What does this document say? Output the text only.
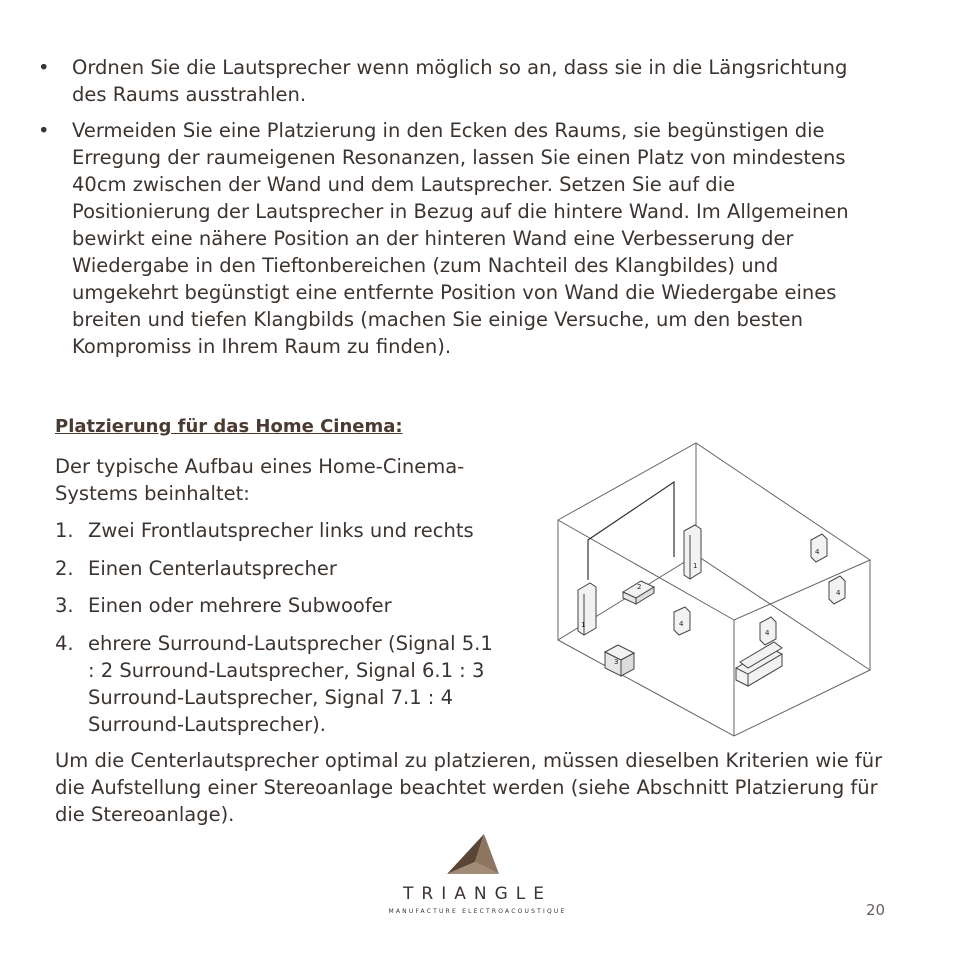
• Ordnen Sie die Lautsprecher wenn möglich so an, dass sie in die Längsrichtung des Raums ausstrahlen.
• Vermeiden Sie eine Platzierung in den Ecken des Raums, sie begünstigen die Erregung der raumeigenen Resonanzen, lassen Sie einen Platz von mindestens 40cm zwischen der Wand und dem Lautsprecher. Setzen Sie auf die Positionierung der Lautsprecher in Bezug auf die hintere Wand. Im Allgemeinen bewirkt eine nähere Position an der hinteren Wand eine Verbesserung der Wiedergabe in den Tieftonbereichen (zum Nachteil des Klangbildes) und umgekehrt begünstigt eine entfernte Position von Wand die Wiedergabe eines breiten und tiefen Klangbilds (machen Sie einige Versuche, um den besten Kompromiss in Ihrem Raum zu finden).
Platzierung für das Home Cinema:
Der typische Aufbau eines Home-Cinema-Systems beinhaltet:
1. Zwei Frontlautsprecher links und rechts
2. Einen Centerlautsprecher
3. Einen oder mehrere Subwoofer
4. ehrere Surround-Lautsprecher (Signal 5.1 : 2 Surround-Lautsprecher, Signal 6.1 : 3 Surround-Lautsprecher, Signal 7.1 : 4 Surround-Lautsprecher).
1
1
2
3
4
4
4
4
Um die Centerlautsprecher optimal zu platzieren, müssen dieselben Kriterien wie für die Aufstellung einer Stereoanlage beachtet werden (siehe Abschnitt Platzierung für die Stereoanlage).
TRIANGLE
MANUFACTURE ELECTROACOUSTIQUE	20
